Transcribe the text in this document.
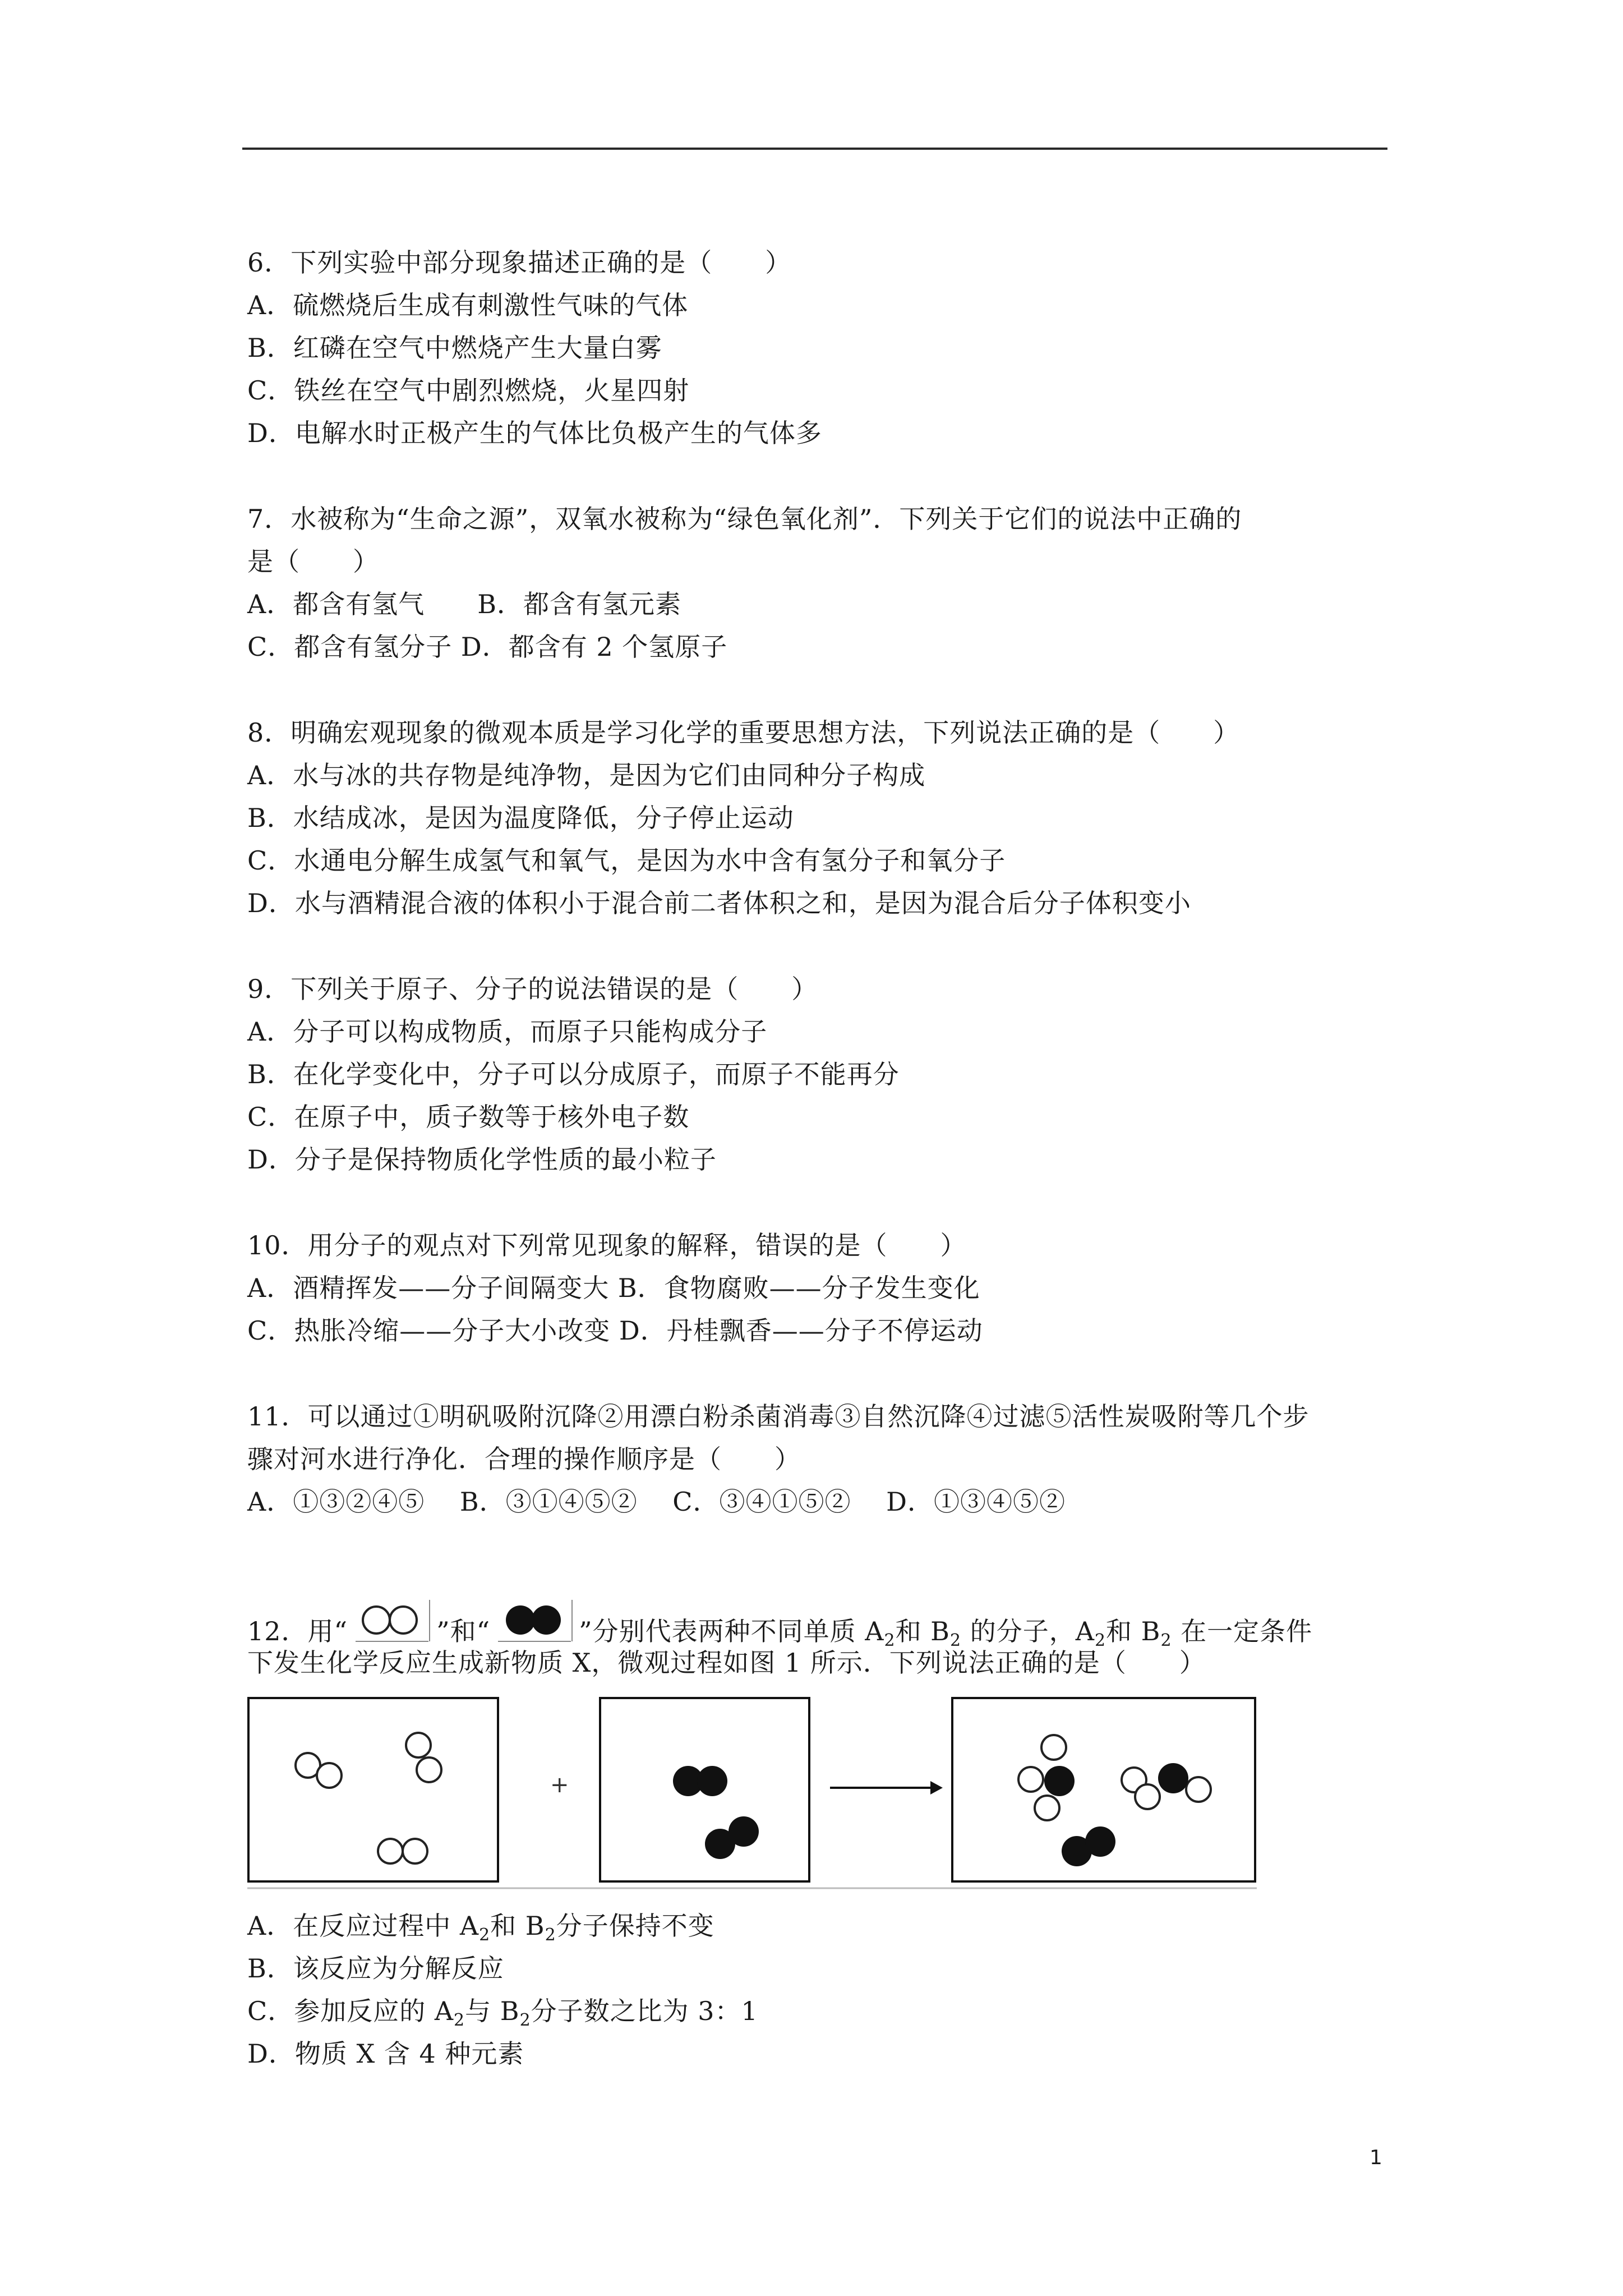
6．下列实验中部分现象描述正确的是（　　）
A．硫燃烧后生成有刺激性气味的气体
B．红磷在空气中燃烧产生大量白雾
C．铁丝在空气中剧烈燃烧，火星四射
D．电解水时正极产生的气体比负极产生的气体多
7．水被称为“生命之源”，双氧水被称为“绿色氧化剂”．下列关于它们的说法中正确的
是（　　）
A．都含有氢气　　B．都含有氢元素
C．都含有氢分子 D．都含有 2 个氢原子
8．明确宏观现象的微观本质是学习化学的重要思想方法，下列说法正确的是（　　）
A．水与冰的共存物是纯净物，是因为它们由同种分子构成
B．水结成冰，是因为温度降低，分子停止运动
C．水通电分解生成氢气和氧气，是因为水中含有氢分子和氧分子
D．水与酒精混合液的体积小于混合前二者体积之和，是因为混合后分子体积变小
9．下列关于原子、分子的说法错误的是（　　）
A．分子可以构成物质，而原子只能构成分子
B．在化学变化中，分子可以分成原子，而原子不能再分
C．在原子中，质子数等于核外电子数
D．分子是保持物质化学性质的最小粒子
10．用分子的观点对下列常见现象的解释，错误的是（　　）
A．酒精挥发——分子间隔变大 B．食物腐败——分子发生变化
C．热胀冷缩——分子大小改变 D．丹桂飘香——分子不停运动
11．可以通过①明矾吸附沉降②用漂白粉杀菌消毒③自然沉降④过滤⑤活性炭吸附等几个步
骤对河水进行净化．合理的操作顺序是（　　）
A．①③②④⑤　 B．③①④⑤②　 C．③④①⑤②　 D．①③④⑤②
12．用“	”和“	”分别代表两种不同单质 $A_2$和 $B_2$ 的分子，$A_2$和 $B_2$ 在一定条件
下发生化学反应生成新物质 X，微观过程如图 1 所示．下列说法正确的是（　　）
+
A．在反应过程中 $A_2$和 $B_2$分子保持不变
B．该反应为分解反应
C．参加反应的 $A_2$与 $B_2$分子数之比为 3：1
D．物质 X 含 4 种元素
1
